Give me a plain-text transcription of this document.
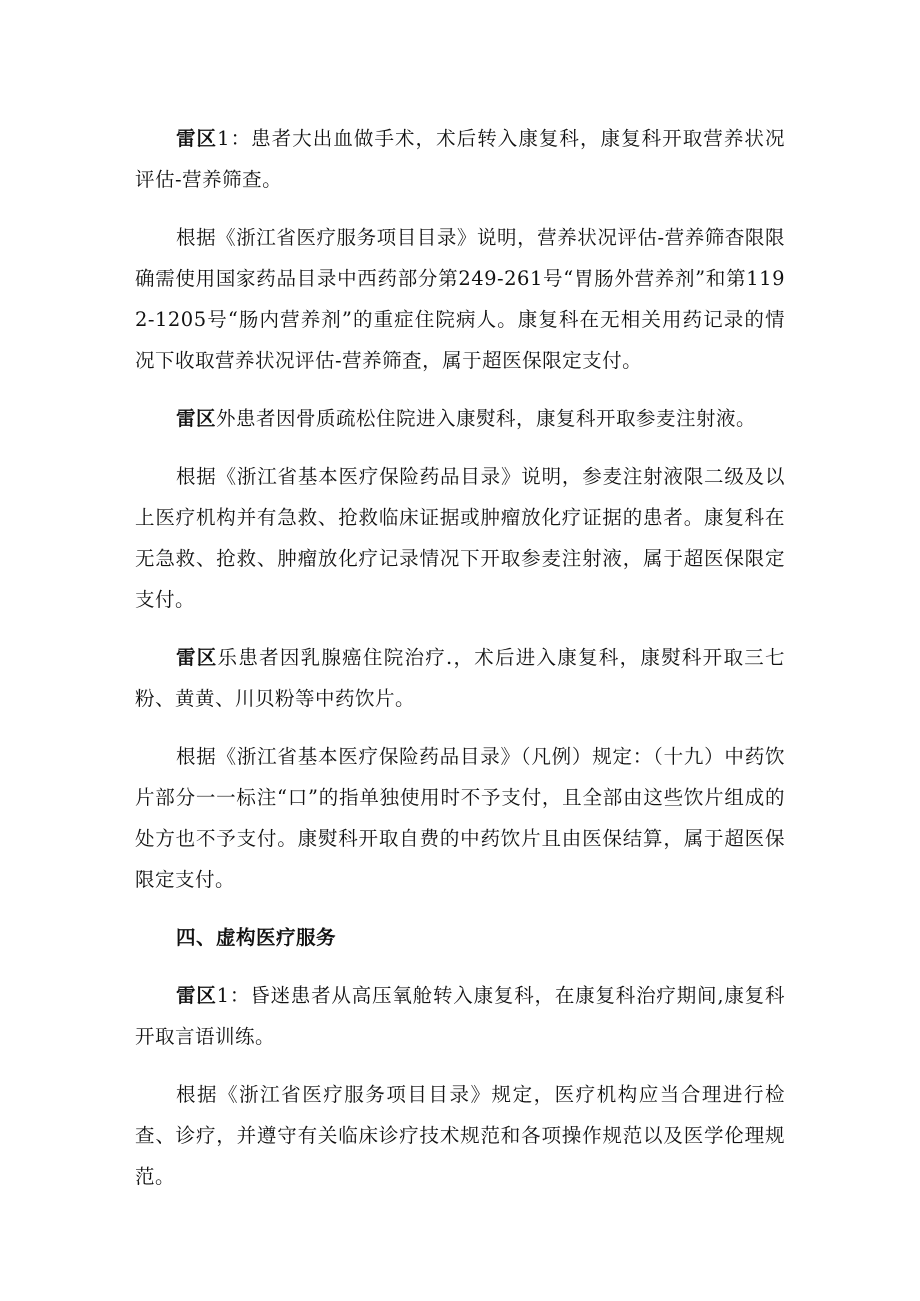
雷区1：患者大出血做手术，术后转入康复科，康复科开取营养状况评估-营养筛查。

根据《浙江省医疗服务项目目录》说明，营养状况评估-营养筛杳限限确需使用国家药品目录中西药部分第249-261号“胃肠外营养剂”和第1192-1205号“肠内营养剂”的重症住院病人。康复科在无相关用药记录的情况下收取营养状况评估-营养筛査，属于超医保限定支付。

雷区外患者因骨质疏松住院进入康熨科，康复科开取参麦注射液。

根据《浙江省基本医疗保险药品目录》说明，参麦注射液限二级及以上医疗机构并有急救、抢救临床证据或肿瘤放化疗证据的患者。康复科在无急救、抢救、肿瘤放化疗记录情况下开取参麦注射液，属于超医保限定支付。

雷区乐患者因乳腺癌住院治疗.，术后进入康复科，康熨科开取三七粉、黄黄、川贝粉等中药饮片。

根据《浙江省基本医疗保险药品目录》（凡例）规定：（十九）中药饮片部分一一标注“口”的指单独使用时不予支付，且全部由这些饮片组成的处方也不予支付。康熨科开取自费的中药饮片且由医保结算，属于超医保限定支付。

四、虚构医疗服务

雷区1：昏迷患者从高压氧舱转入康复科，在康复科治疗期间,康复科开取言语训练。

根据《浙江省医疗服务项目目录》规定，医疗机构应当合理进行检查、诊疗，并遵守有关临床诊疗技术规范和各项操作规范以及医学伦理规范。
